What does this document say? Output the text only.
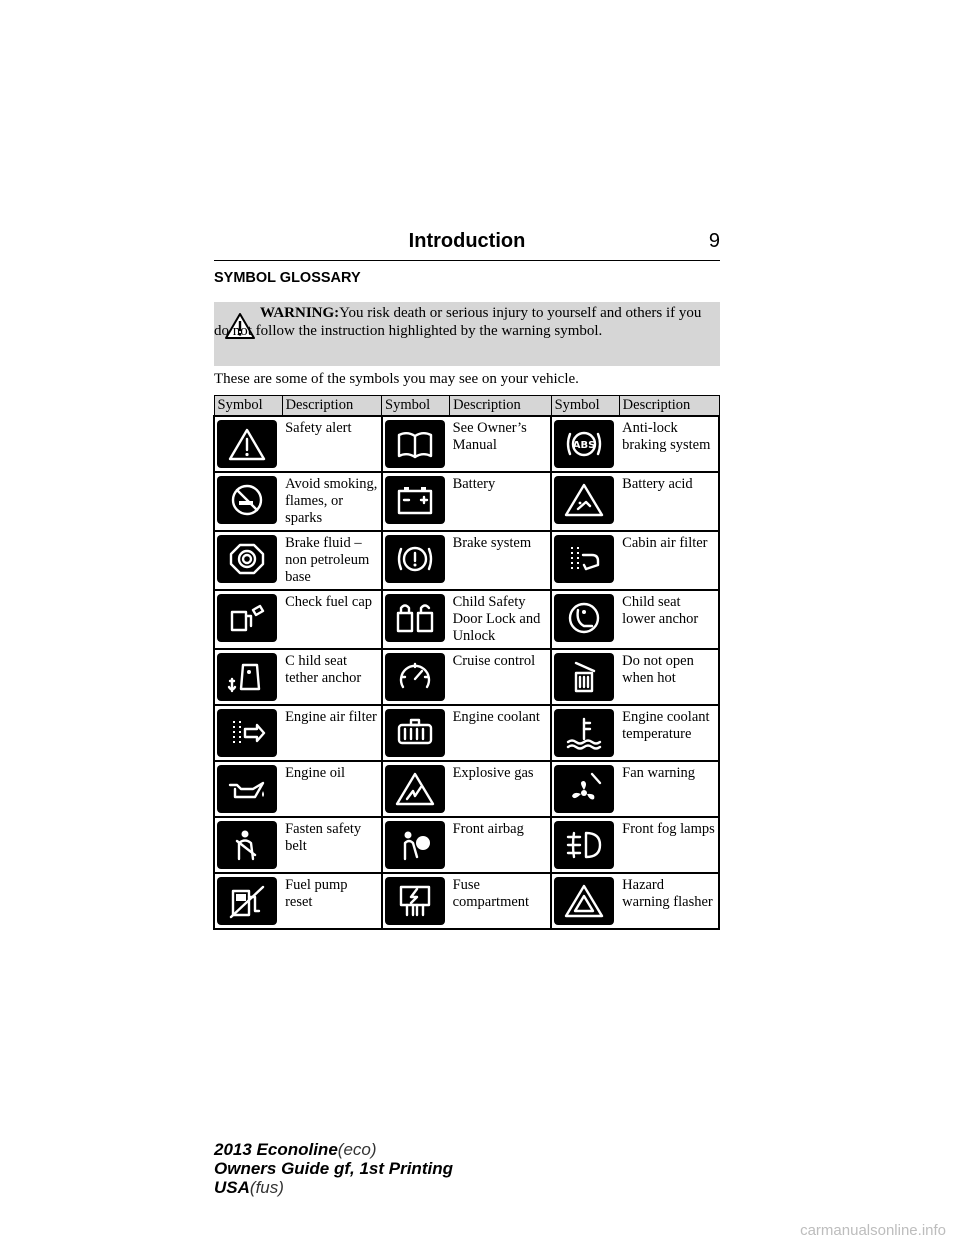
Introduction	9
SYMBOL GLOSSARY
WARNING:You risk death or serious injury to yourself and others if you do not follow the instruction highlighted by the warning symbol.
These are some of the symbols you may see on your vehicle.
Symbol	Description	Symbol	Description	Symbol	Description

	Safety alert		See Owner’s Manual	ABS	Anti-lock braking system

	Avoid smoking, flames, or sparks		Battery		Battery acid

	Brake fluid – non petroleum base		Brake system		Cabin air filter

	Check fuel cap		Child Safety Door Lock and Unlock		Child seat lower anchor

	C hild seat tether anchor		Cruise control		Do not open when hot

	Engine air filter		Engine coolant		Engine coolant temperature

	Engine oil		Explosive gas		Fan warning

	Fasten safety belt		Front airbag		Front fog lamps

	Fuel pump reset		Fuse compartment		Hazard warning flasher
2013 Econoline(eco)
Owners Guide gf, 1st Printing
USA(fus)
carmanualsonline.info
